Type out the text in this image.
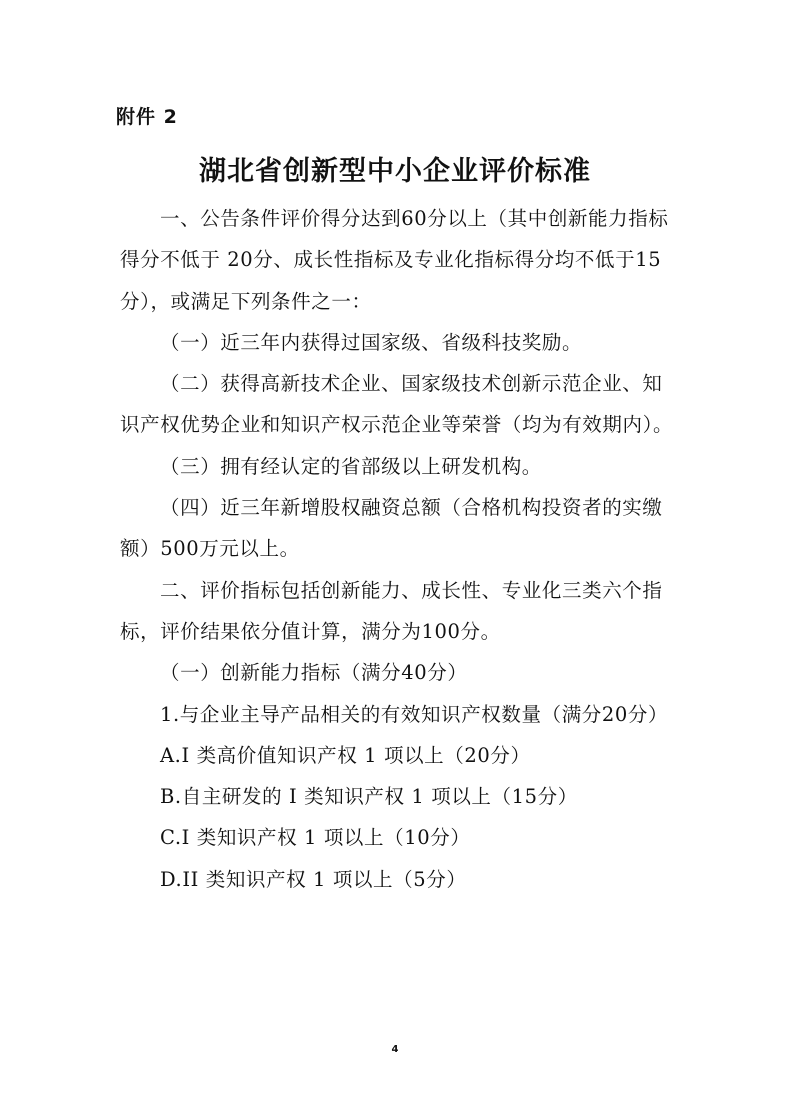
附件 2
湖北省创新型中小企业评价标准

一、公告条件评价得分达到60分以上（其中创新能力指标得分不低于 20分、成长性指标及专业化指标得分均不低于15分），或满足下列条件之一：

（一）近三年内获得过国家级、省级科技奖励。

（二）获得高新技术企业、国家级技术创新示范企业、知识产权优势企业和知识产权示范企业等荣誉（均为有效期内）。

（三）拥有经认定的省部级以上研发机构。

（四）近三年新增股权融资总额（合格机构投资者的实缴额）500万元以上。

二、评价指标包括创新能力、成长性、专业化三类六个指标，评价结果依分值计算，满分为100分。

（一）创新能力指标（满分40分）

1.与企业主导产品相关的有效知识产权数量（满分20分）

A.I 类高价值知识产权 1 项以上（20分）

B.自主研发的 I 类知识产权 1 项以上（15分）

C.I 类知识产权 1 项以上（10分）

D.II 类知识产权 1 项以上（5分）

4
